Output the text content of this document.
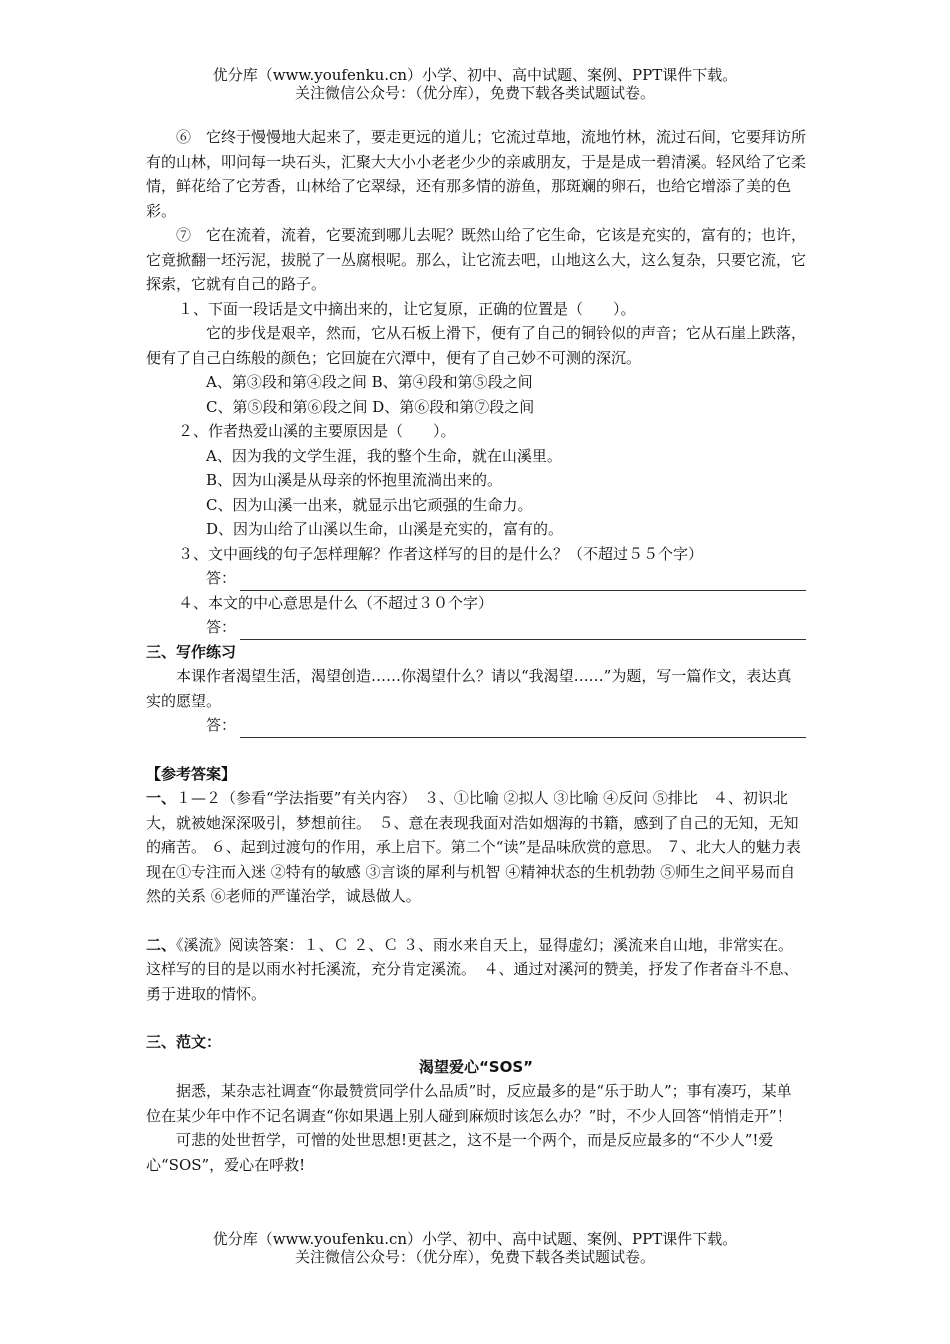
优分库（www.youfenku.cn）小学、初中、高中试题、案例、PPT课件下载。
关注微信公众号：（优分库），免费下载各类试题试卷。

⑥　它终于慢慢地大起来了，要走更远的道儿；它流过草地，流地竹林，流过石间，它要拜访所有的山林，叩问每一块石头，汇聚大大小小老老少少的亲戚朋友，于是是成一碧清溪。轻风给了它柔情，鲜花给了它芳香，山林给了它翠绿，还有那多情的游鱼，那斑斓的卵石，也给它增添了美的色彩。

⑦　它在流着，流着，它要流到哪儿去呢？既然山给了它生命，它该是充实的，富有的；也许，它竟掀翻一坯污泥，拔脱了一丛腐根呢。那么，让它流去吧，山地这么大，这么复杂，只要它流，它探索，它就有自己的路子。

１、下面一段话是文中摘出来的，让它复原，正确的位置是（　　）。

它的步伐是艰辛，然而，它从石板上滑下，便有了自己的铜铃似的声音；它从石崖上跌落，便有了自己白练般的颜色；它回旋在穴潭中，便有了自己妙不可测的深沉。

A、第③段和第④段之间 B、第④段和第⑤段之间

C、第⑤段和第⑥段之间 D、第⑥段和第⑦段之间

２、作者热爱山溪的主要原因是（　　）。

A、因为我的文学生涯，我的整个生命，就在山溪里。

B、因为山溪是从母亲的怀抱里流淌出来的。

C、因为山溪一出来，就显示出它顽强的生命力。

D、因为山给了山溪以生命，山溪是充实的，富有的。

３、文中画线的句子怎样理解？作者这样写的目的是什么？（不超过５５个字）

答：

４、本文的中心意思是什么（不超过３０个字）

答：

三、写作练习

本课作者渴望生活，渴望创造……你渴望什么？请以“我渴望……”为题，写一篇作文，表达真实的愿望。

答：

【参考答案】

一、１—２（参看“学法指要”有关内容）　３、①比喻 ②拟人 ③比喻 ④反问 ⑤排比　４、初识北大，就被她深深吸引，梦想前往。　５、意在表现我面对浩如烟海的书籍，感到了自己的无知，无知的痛苦。 ６、起到过渡句的作用，承上启下。第二个“读”是品味欣赏的意思。 ７、北大人的魅力表现在①专注而入迷 ②特有的敏感 ③言谈的犀利与机智 ④精神状态的生机勃勃 ⑤师生之间平易而自然的关系 ⑥老师的严谨治学，诚恳做人。

二、《溪流》阅读答案：１、Ｃ ２、Ｃ ３、雨水来自天上，显得虚幻；溪流来自山地，非常实在。这样写的目的是以雨水衬托溪流，充分肯定溪流。　４、通过对溪河的赞美，抒发了作者奋斗不息、勇于进取的情怀。

三、范文：

渴望爱心“SOS”

据悉，某杂志社调查“你最赞赏同学什么品质”时，反应最多的是“乐于助人”；事有凑巧，某单位在某少年中作不记名调查“你如果遇上别人碰到麻烦时该怎么办？”时，不少人回答“悄悄走开”！

可悲的处世哲学，可憎的处世思想!更甚之，这不是一个两个，而是反应最多的“不少人”!爱心“SOS”，爱心在呼救!

优分库（www.youfenku.cn）小学、初中、高中试题、案例、PPT课件下载。
关注微信公众号：（优分库），免费下载各类试题试卷。
